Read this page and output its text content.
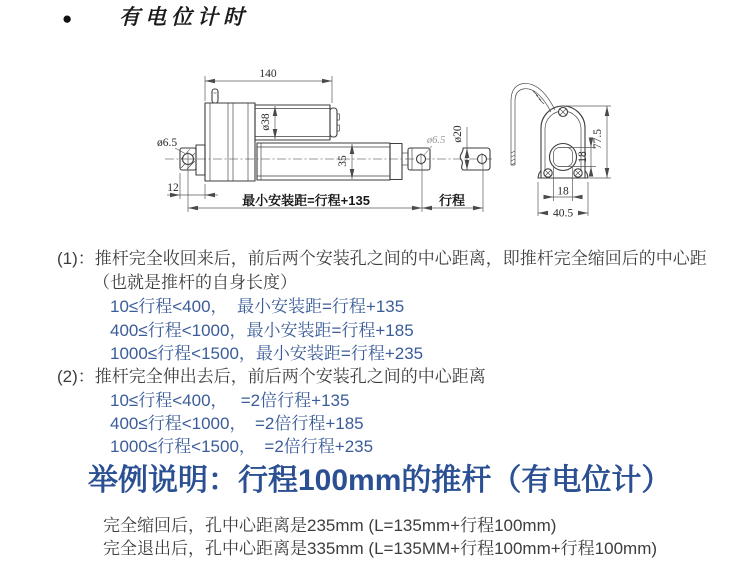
● 有电位计时
ø38
35
ø6.5 ø20
ø6.5
140
12
最小安装距=行程+135	行程
77.5
18
18
40.5
(1)：推杆完全收回来后，前后两个安装孔之间的中心距离，即推杆完全缩回后的中心距
（也就是推杆的自身长度）
10≤行程<400，  最小安装距=行程+135
400≤行程<1000，最小安装距=行程+185
1000≤行程<1500，最小安装距=行程+235
(2)：推杆完全伸出去后，前后两个安装孔之间的中心距离
10≤行程<400，　 =2倍行程+135
400≤行程<1000，　=2倍行程+185
1000≤行程<1500，　=2倍行程+235
举例说明：行程100mm的推杆（有电位计）
完全缩回后，孔中心距离是235mm (L=135mm+行程100mm)
完全退出后，孔中心距离是335mm (L=135MM+行程100mm+行程100mm)
